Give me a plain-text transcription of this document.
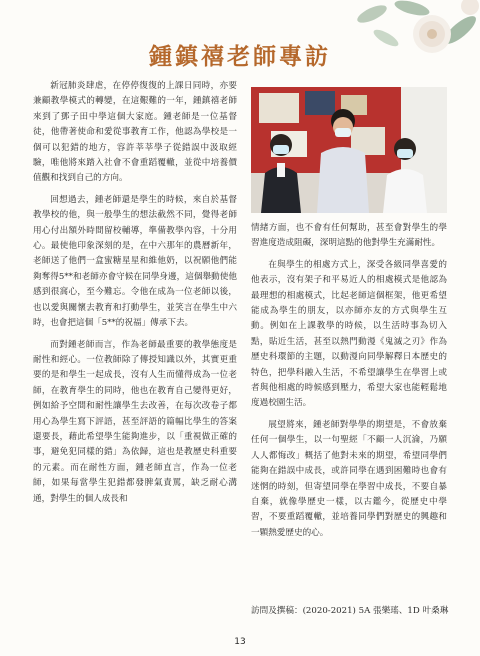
鍾鎮禧老師專訪

新冠肺炎肆虐，在停停復復的上課日同時，亦要兼顧教學模式的轉變，在這艱難的一年，鍾鎮禧老師來到了鄧子田中學這個大家庭。鍾老師是一位基督徒，他帶著使命和愛從事教育工作，他認為學校是一個可以犯錯的地方，容許莘莘學子從錯誤中汲取經驗，唯他將來踏入社會不會重蹈覆轍，並從中培養價值觀和找到自己的方向。

回想過去，鍾老師還是學生的時候，來自於基督教學校的他，與一般學生的想法截然不同，覺得老師用心付出額外時間留校輔導，準備教學內容，十分用心。最使他印象深刻的是，在中六那年的農曆新年，老師送了他們一盒蜜糖星星和維他奶，以祝願他們能夠奪得5**和老師亦會守候在同學身邊，這個舉動使他感到很窩心，至今難忘。令他在成為一位老師以後，也以愛與關懷去教育和打動學生，並笑言在學生中六時，也會把這個「5**的祝福」傳承下去。

而對鍾老師而言，作為老師最重要的教學態度是耐性和經心。一位教師除了傳授知識以外，其實更重要的是和學生一起成長，沒有人生而懂得成為一位老師，在教育學生的同時，他也在教育自己變得更好，例如給予空間和耐性讓學生去改善，在每次改卷子都用心為學生寫下評語，甚至評語的篇幅比學生的答案還要長，藉此希望學生能夠進步，以「重視做正確的事，避免犯同樣的錯」為依歸，這也是教歷史科重要的元素。而在耐性方面，鍾老師直言，作為一位老師，如果每當學生犯錯都發脾氣責罵，缺乏耐心溝通，對學生的個人成長和

情緒方面，也不會有任何幫助，甚至會對學生的學習進度造成阻礙，深明這點的他對學生充滿耐性。

在與學生的相處方式上，深受各級同學喜愛的他表示，沒有架子和平易近人的相處模式是他認為最理想的相處模式，比起老師這個框架，他更希望能成為學生的朋友，以亦師亦友的方式與學生互動。例如在上課教學的時候，以生活時事為切入點，貼近生活，甚至以熱門動漫《鬼滅之刃》作為歷史科環節的主題，以動漫向同學解釋日本歷史的特色，把學科融入生活，不希望讓學生在學習上或者與他相處的時候感到壓力，希望大家也能輕鬆地度過校園生活。

展望將來，鍾老師對學學的期望是，不會放棄任何一個學生，以一句聖經「不顧一人沉淪，乃願人人都悔改」概括了他對未來的期望，希望同學們能夠在錯誤中成長，或許同學在遇到困難時也會有迷惘的時刻，但寄望同學在學習中成長，不要自暴自棄，就像學歷史一樣，以古鑑今，從歷史中學習，不要重蹈覆轍，並培養同學們對歷史的興趣和一顆熱愛歷史的心。

訪問及撰稿：(2020-2021) 5A 張樂瑤、1D 叶桑琳
13
